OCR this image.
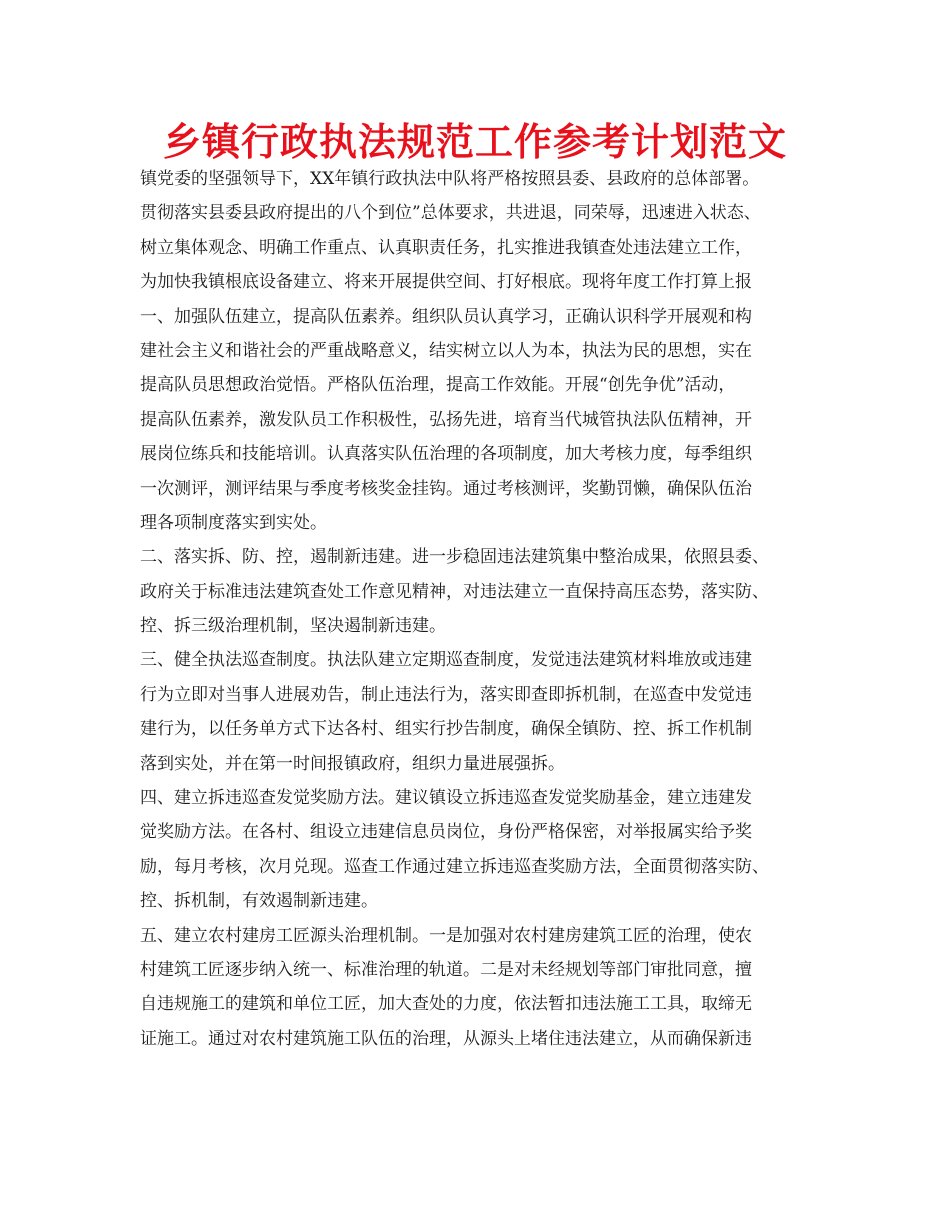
乡镇行政执法规范工作参考计划范文
镇党委的坚强领导下，XX年镇行政执法中队将严格按照县委、县政府的总体部署。
贯彻落实县委县政府提出的八个到位”总体要求，共进退，同荣辱，迅速进入状态、
树立集体观念、明确工作重点、认真职责任务，扎实推进我镇查处违法建立工作，
为加快我镇根底设备建立、将来开展提供空间、打好根底。现将年度工作打算上报
一、加强队伍建立，提高队伍素养。组织队员认真学习，正确认识科学开展观和构
建社会主义和谐社会的严重战略意义，结实树立以人为本，执法为民的思想，实在
提高队员思想政治觉悟。严格队伍治理，提高工作效能。开展“创先争优”活动，
提高队伍素养，激发队员工作积极性，弘扬先进，培育当代城管执法队伍精神，开
展岗位练兵和技能培训。认真落实队伍治理的各项制度，加大考核力度，每季组织
一次测评，测评结果与季度考核奖金挂钩。通过考核测评，奖勤罚懒，确保队伍治
理各项制度落实到实处。
二、落实拆、防、控，遏制新违建。进一步稳固违法建筑集中整治成果，依照县委、
政府关于标准违法建筑查处工作意见精神，对违法建立一直保持高压态势，落实防、
控、拆三级治理机制，坚决遏制新违建。
三、健全执法巡查制度。执法队建立定期巡查制度，发觉违法建筑材料堆放或违建
行为立即对当事人进展劝告，制止违法行为，落实即查即拆机制，在巡查中发觉违
建行为，以任务单方式下达各村、组实行抄告制度，确保全镇防、控、拆工作机制
落到实处，并在第一时间报镇政府，组织力量进展强拆。
四、建立拆违巡查发觉奖励方法。建议镇设立拆违巡查发觉奖励基金，建立违建发
觉奖励方法。在各村、组设立违建信息员岗位，身份严格保密，对举报属实给予奖
励，每月考核，次月兑现。巡查工作通过建立拆违巡查奖励方法，全面贯彻落实防、
控、拆机制，有效遏制新违建。
五、建立农村建房工匠源头治理机制。一是加强对农村建房建筑工匠的治理，使农
村建筑工匠逐步纳入统一、标准治理的轨道。二是对未经规划等部门审批同意，擅
自违规施工的建筑和单位工匠，加大查处的力度，依法暂扣违法施工工具，取缔无
证施工。通过对农村建筑施工队伍的治理，从源头上堵住违法建立，从而确保新违
